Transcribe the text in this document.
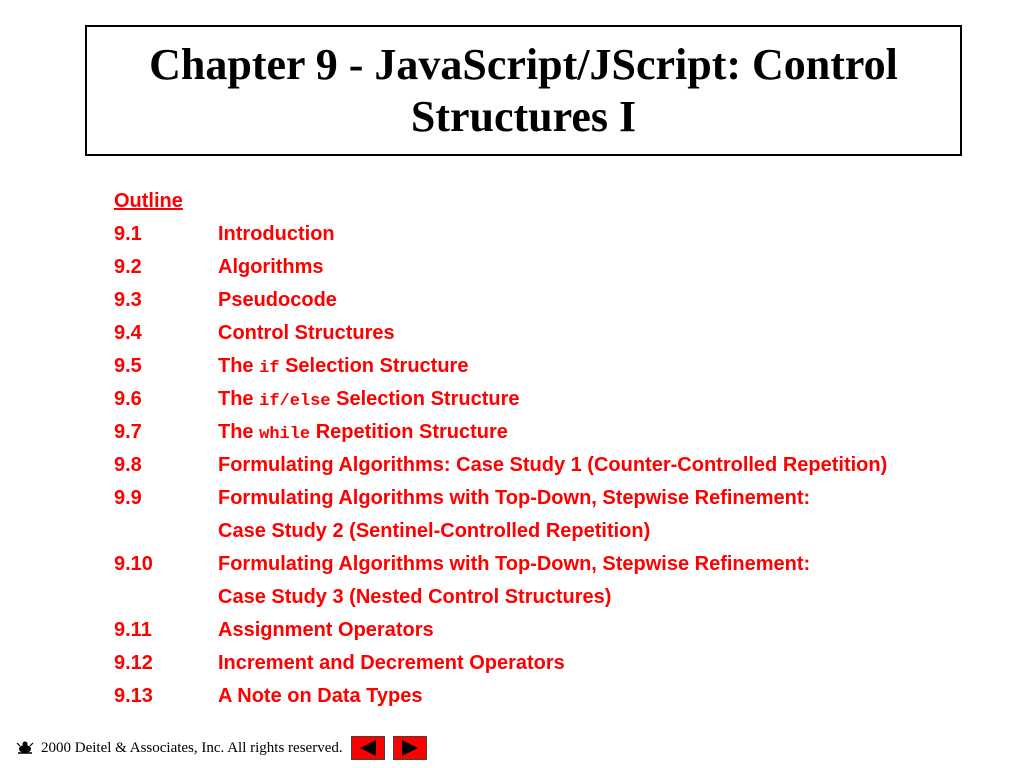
Chapter 9 - JavaScript/JScript: Control Structures I
Outline
9.1	Introduction
9.2	Algorithms
9.3	Pseudocode
9.4	Control Structures
9.5	The if Selection Structure
9.6	The if/else Selection Structure
9.7	The while Repetition Structure
9.8	Formulating Algorithms: Case Study 1 (Counter-Controlled Repetition)
9.9	Formulating Algorithms with Top-Down, Stepwise Refinement:
Case Study 2 (Sentinel-Controlled Repetition)
9.10	Formulating Algorithms with Top-Down, Stepwise Refinement:
Case Study 3 (Nested Control Structures)
9.11	Assignment Operators
9.12	Increment and Decrement Operators
9.13	A Note on Data Types
2000 Deitel & Associates, Inc. All rights reserved.
